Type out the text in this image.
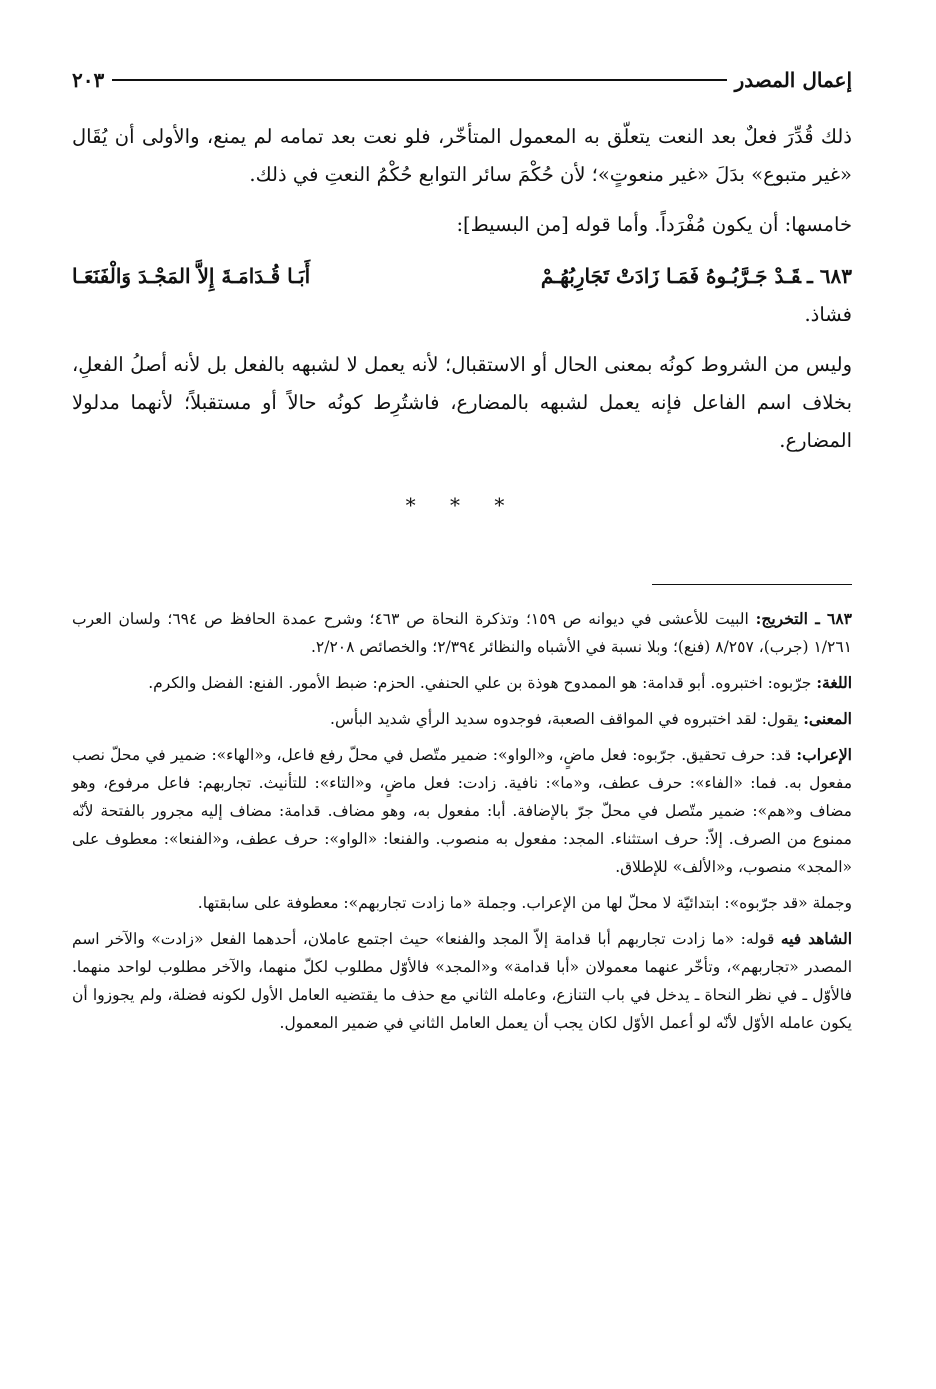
إعمال المصدر
٢٠٣

ذلك قُدِّرَ فعلٌ بعد النعت يتعلّق به المعمول المتأخّر، فلو نعت بعد تمامه لم يمنع، والأولى أن يُقَال «غير متبوع» بدَلَ «غير منعوتٍ»؛ لأن حُكْمَ سائر التوابع حُكْمُ النعتِ في ذلك.

خامسها: أن يكون مُفْرَداً. وأما قوله [من البسيط]:

٦٨٣ ـقَـدْ جَـرَّبُـوهُ فَمَـا زَادَتْ تَجَارِبُهُـمْ
أَبَـا قُـدَامَـةَ إِلاَّ المَجْـدَ وَالْفَنَعَـا

فشاذ.

وليس من الشروط كونُه بمعنى الحال أو الاستقبال؛ لأنه يعمل لا لشبهه بالفعل بل لأنه أصلُ الفعلِ، بخلاف اسم الفاعل فإنه يعمل لشبهه بالمضارع، فاشتُرِط كونُه حالاً أو مستقبلاً؛ لأنهما مدلولا المضارع.

* * *

٦٨٣ ـ التخريج: البيت للأعشى في ديوانه ص ١٥٩؛ وتذكرة النحاة ص ٤٦٣؛ وشرح عمدة الحافظ ص ٦٩٤؛ ولسان العرب ١/٢٦١ (جرب)، ٨/٢٥٧ (فنع)؛ وبلا نسبة في الأشباه والنظائر ٢/٣٩٤؛ والخصائص ٢/٢٠٨.

اللغة: جرّبوه: اختبروه. أبو قدامة: هو الممدوح هوذة بن علي الحنفي. الحزم: ضبط الأمور. الفنع: الفضل والكرم.

المعنى: يقول: لقد اختبروه في المواقف الصعبة، فوجدوه سديد الرأي شديد البأس.

الإعراب: قد: حرف تحقيق. جرّبوه: فعل ماضٍ، و«الواو»: ضمير متّصل في محلّ رفع فاعل، و«الهاء»: ضمير في محلّ نصب مفعول به. فما: «الفاء»: حرف عطف، و«ما»: نافية. زادت: فعل ماضٍ، و«التاء»: للتأنيث. تجاربهم: فاعل مرفوع، وهو مضاف و«هم»: ضمير متّصل في محلّ جرّ بالإضافة. أبا: مفعول به، وهو مضاف. قدامة: مضاف إليه مجرور بالفتحة لأنّه ممنوع من الصرف. إلاّ: حرف استثناء. المجد: مفعول به منصوب. والفنعا: «الواو»: حرف عطف، و«الفنعا»: معطوف على «المجد» منصوب، و«الألف» للإطلاق.

وجملة «قد جرّبوه»: ابتدائيّة لا محلّ لها من الإعراب. وجملة «ما زادت تجاربهم»: معطوفة على سابقتها.

الشاهد فيه قوله: «ما زادت تجاربهم أبا قدامة إلاّ المجد والفنعا» حيث اجتمع عاملان، أحدهما الفعل «زادت» والآخر اسم المصدر «تجاربهم»، وتأخّر عنهما معمولان «أبا قدامة» و«المجد» فالأوّل مطلوب لكلّ منهما، والآخر مطلوب لواحد منهما. فالأوّل ـ في نظر النحاة ـ يدخل في باب التنازع، وعامله الثاني مع حذف ما يقتضيه العامل الأول لكونه فضلة، ولم يجوزوا أن يكون عامله الأوّل لأنّه لو أعمل الأوّل لكان يجب أن يعمل العامل الثاني في ضمير المعمول.
